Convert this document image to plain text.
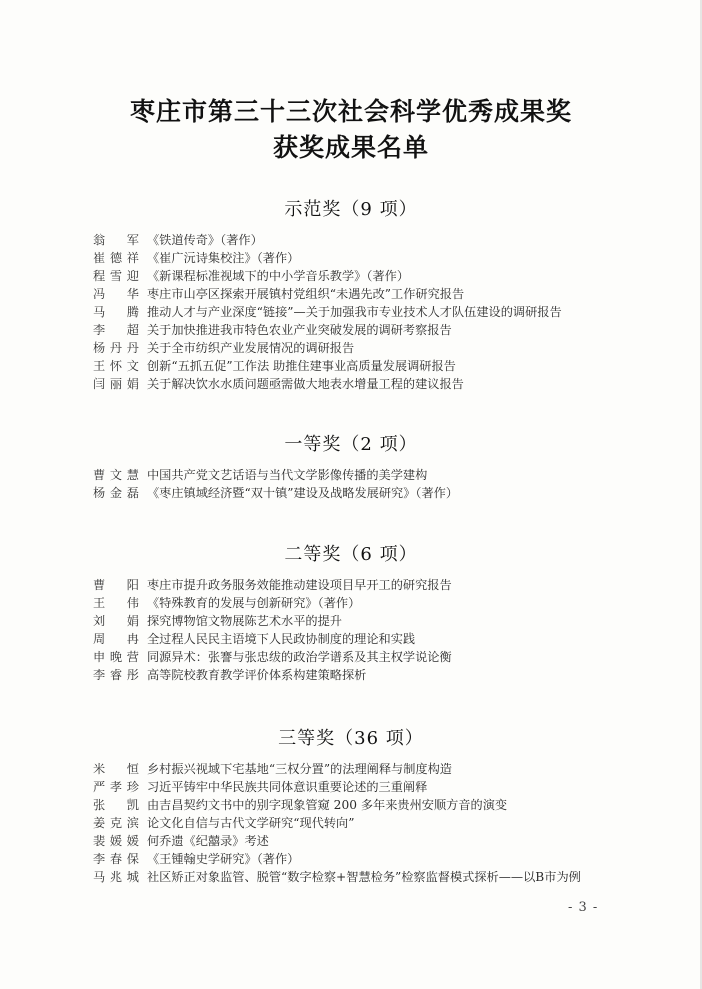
枣庄市第三十三次社会科学优秀成果奖
获奖成果名单
示范奖（9 项）
翁 军 《铁道传奇》（著作）
崔德祥 《崔广沅诗集校注》（著作）
程雪迎 《新课程标准视域下的中小学音乐教学》（著作）
冯 华 枣庄市山亭区探索开展镇村党组织“未遇先改”工作研究报告
马 腾 推动人才与产业深度“链接”—关于加强我市专业技术人才队伍建设的调研报告
李 超 关于加快推进我市特色农业产业突破发展的调研考察报告
杨丹丹 关于全市纺织产业发展情况的调研报告
王怀文 创新“五抓五促”工作法 助推住建事业高质量发展调研报告
闫丽娟 关于解决饮水水质问题亟需做大地表水增量工程的建议报告
一等奖（2 项）
曹文慧 中国共产党文艺话语与当代文学影像传播的美学建构
杨金磊 《枣庄镇域经济暨“双十镇”建设及战略发展研究》（著作）
二等奖（6 项）
曹 阳 枣庄市提升政务服务效能推动建设项目早开工的研究报告
王 伟 《特殊教育的发展与创新研究》（著作）
刘 娟 探究博物馆文物展陈艺术水平的提升
周 冉 全过程人民民主语境下人民政协制度的理论和实践
申晚营 同源异术：张謇与张忠绂的政治学谱系及其主权学说论衡
李睿彤 高等院校教育教学评价体系构建策略探析
三等奖（36 项）
米 恒 乡村振兴视域下宅基地“三权分置”的法理阐释与制度构造
严孝珍 习近平铸牢中华民族共同体意识重要论述的三重阐释
张 凯 由吉昌契约文书中的别字现象管窥 200 多年来贵州安顺方音的演变
姜克滨 论文化自信与古代文学研究“现代转向”
裴媛媛 何乔遗《纪囍录》考述
李春保 《王锺翰史学研究》（著作）
马兆城 社区矫正对象监管、脱管“数字检察+智慧检务”检察监督模式探析——以B市为例
- 3 -
